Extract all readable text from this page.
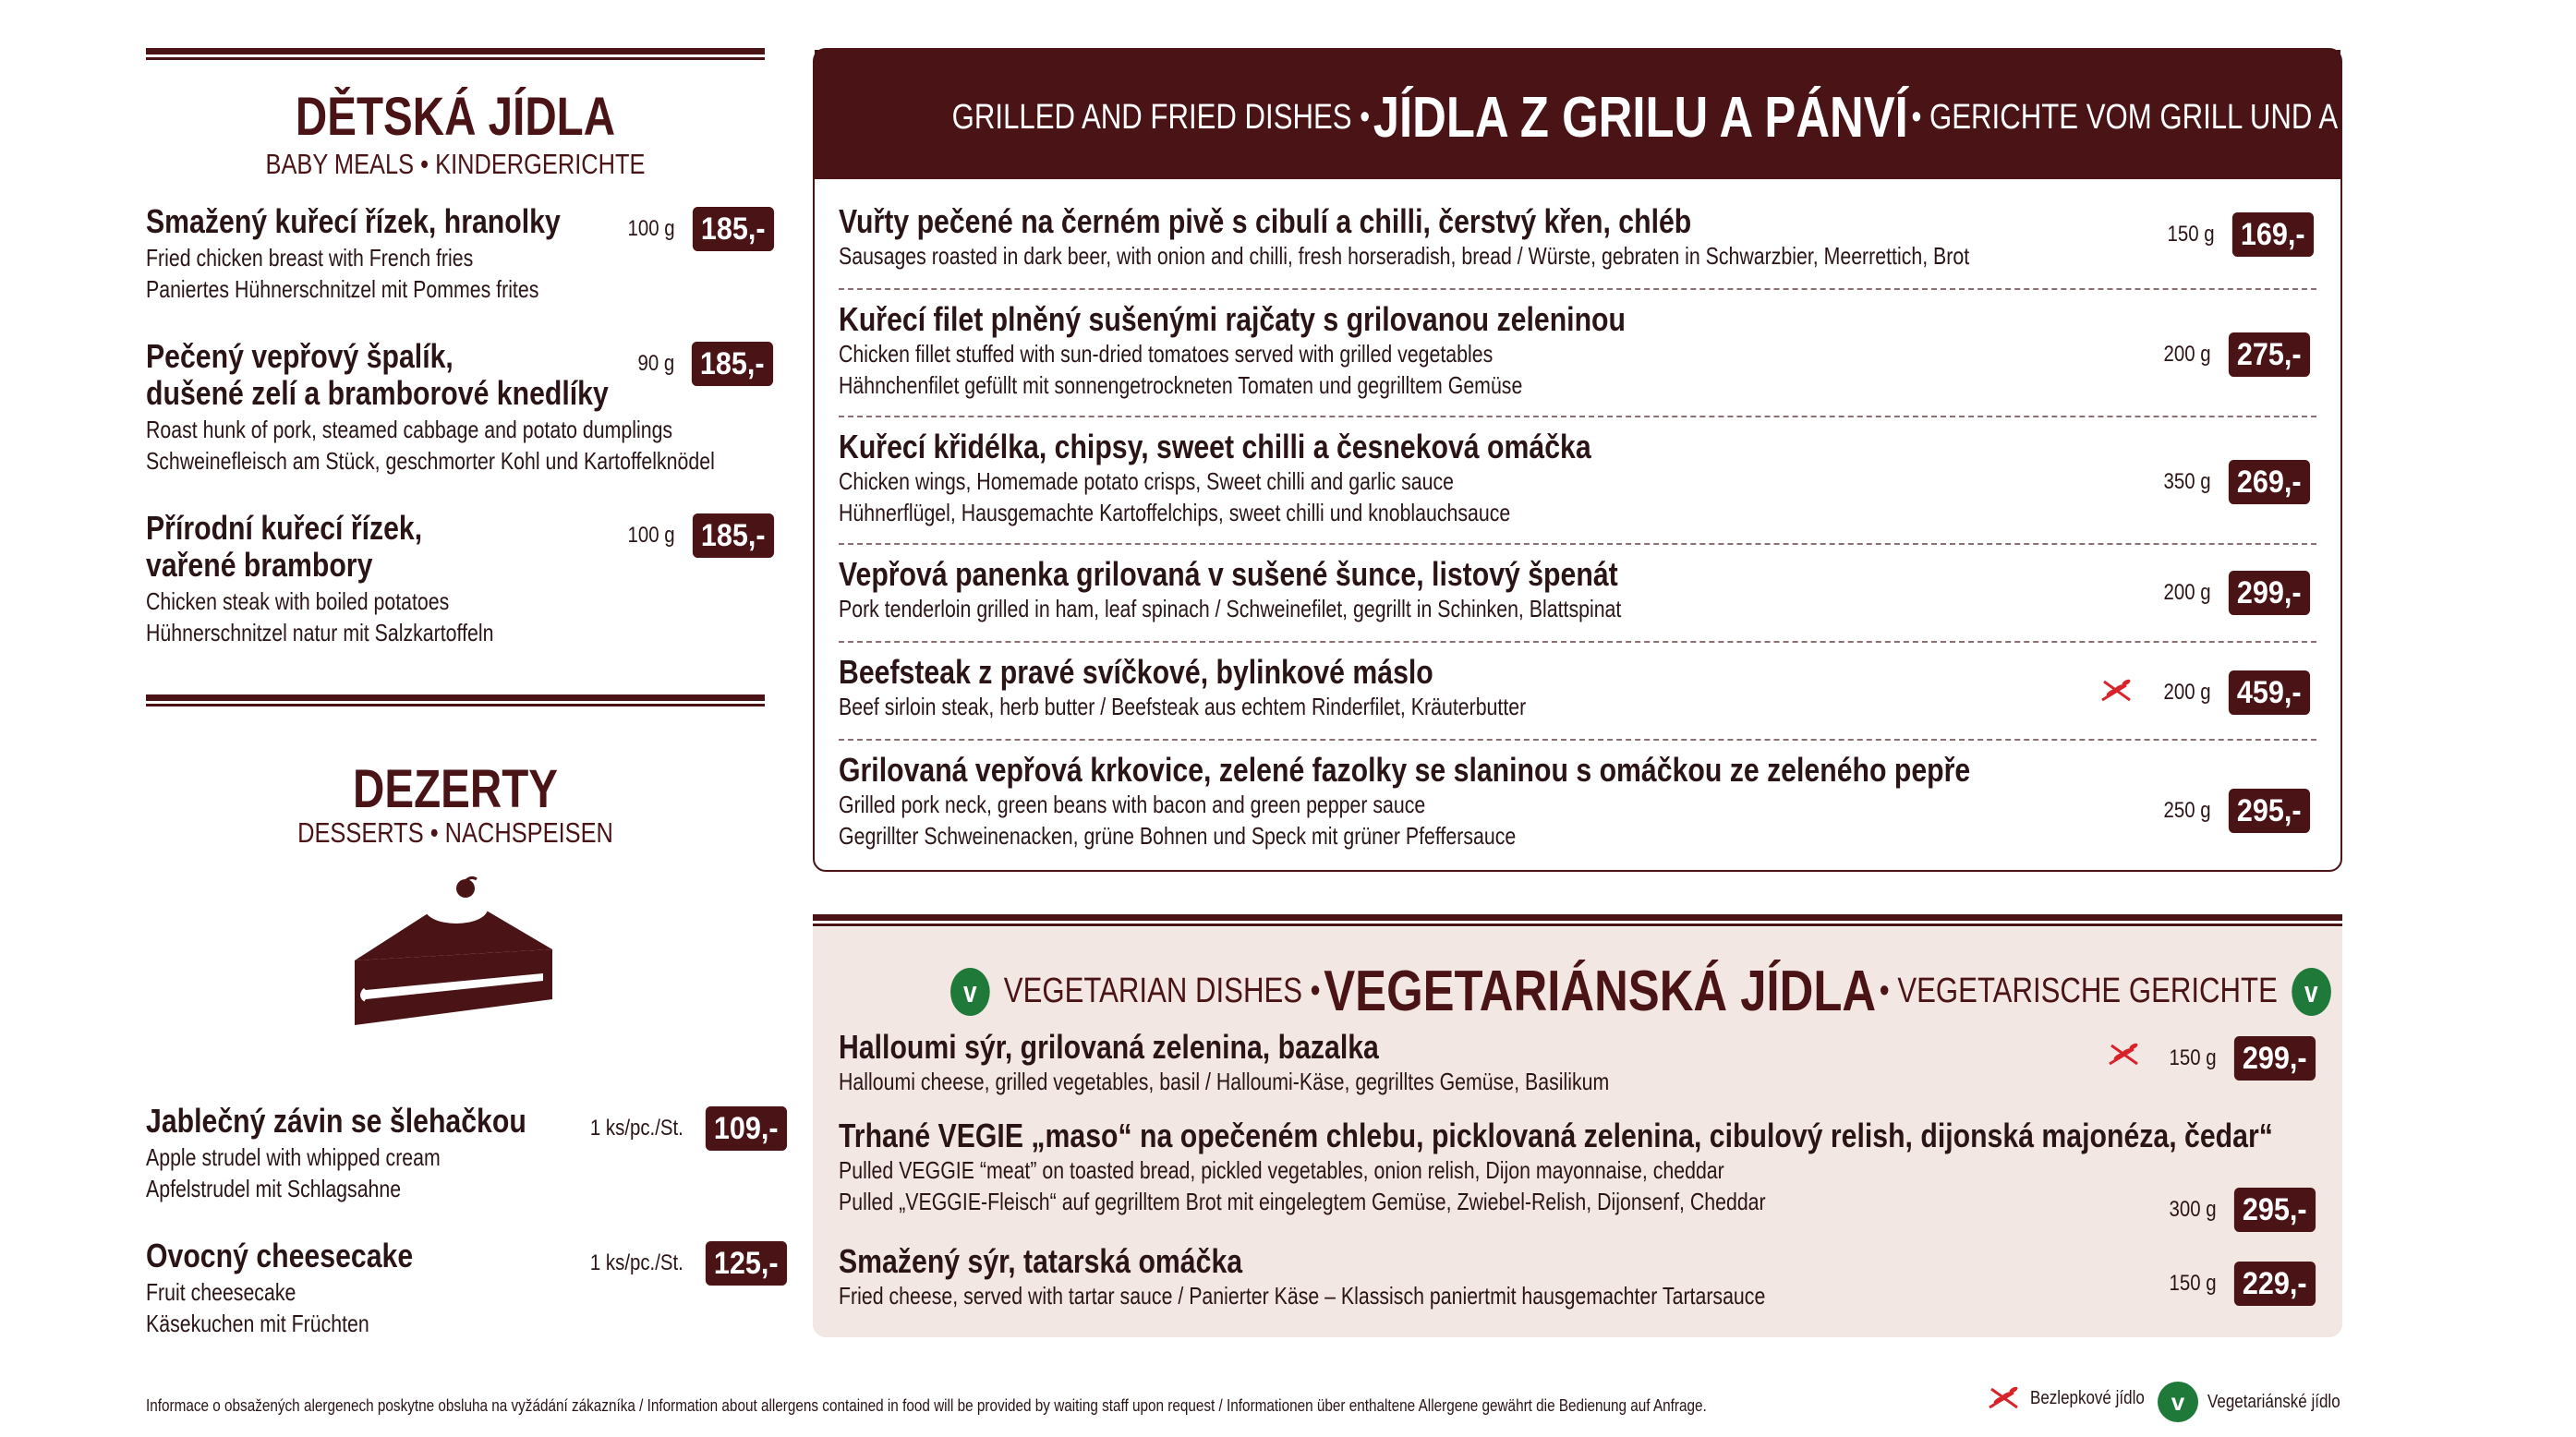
DĚTSKÁ JÍDLA
BABY MEALS • KINDERGERICHTE
Smažený kuřecí řízek, hranolky
Fried chicken breast with French fries
Paniertes Hühnerschnitzel mit Pommes frites
100 g 185,-
Pečený vepřový špalík,
dušené zelí a bramborové knedlíky
Roast hunk of pork, steamed cabbage and potato dumplings
Schweinefleisch am Stück, geschmorter Kohl und Kartoffelknödel
90 g 185,-
Přírodní kuřecí řízek,
vařené brambory
Chicken steak with boiled potatoes
Hühnerschnitzel natur mit Salzkartoffeln
100 g 185,-
DEZERTY
DESSERTS • NACHSPEISEN
Jablečný závin se šlehačkou
Apple strudel with whipped cream
Apfelstrudel mit Schlagsahne
1 ks/pc./St. 109,-
Ovocný cheesecake
Fruit cheesecake
Käsekuchen mit Früchten
1 ks/pc./St. 125,-
GRILLED AND FRIED DISHES • JÍDLA Z GRILU A PÁNVÍ • GERICHTE VOM GRILL UND A US DER PFANNE
Vuřty pečené na černém pivě s cibulí a chilli, čerstvý křen, chléb
Sausages roasted in dark beer, with onion and chilli, fresh horseradish, bread / Würste, gebraten in Schwarzbier, Meerrettich, Brot
150 g 169,-
Kuřecí filet plněný sušenými rajčaty s grilovanou zeleninou
Chicken fillet stuffed with sun-dried tomatoes served with grilled vegetables
Hähnchenfilet gefüllt mit sonnengetrockneten Tomaten und gegrilltem Gemüse
200 g 275,-
Kuřecí křidélka, chipsy, sweet chilli a česneková omáčka
Chicken wings, Homemade potato crisps, Sweet chilli and garlic sauce
Hühnerflügel, Hausgemachte Kartoffelchips, sweet chilli und knoblauchsauce
350 g 269,-
Vepřová panenka grilovaná v sušené šunce, listový špenát
Pork tenderloin grilled in ham, leaf spinach / Schweinefilet, gegrillt in Schinken, Blattspinat
200 g 299,-
Beefsteak z pravé svíčkové, bylinkové máslo
Beef sirloin steak, herb butter / Beefsteak aus echtem Rinderfilet, Kräuterbutter
200 g 459,-
Grilovaná vepřová krkovice, zelené fazolky se slaninou s omáčkou ze zeleného pepře
Grilled pork neck, green beans with bacon and green pepper sauce
Gegrillter Schweinenacken, grüne Bohnen und Speck mit grüner Pfeffersauce
250 g 295,-
v VEGETARIAN DISHES • VEGETARIÁNSKÁ JÍDLA • VEGETARISCHE GERICHTE v
Halloumi sýr, grilovaná zelenina, bazalka
Halloumi cheese, grilled vegetables, basil / Halloumi-Käse, gegrilltes Gemüse, Basilikum
150 g 299,-
Trhané VEGIE „maso“ na opečeném chlebu, picklovaná zelenina, cibulový relish, dijonská majonéza, čedar“
Pulled VEGGIE “meat” on toasted bread, pickled vegetables, onion relish, Dijon mayonnaise, cheddar
Pulled „VEGGIE-Fleisch“ auf gegrilltem Brot mit eingelegtem Gemüse, Zwiebel-Relish, Dijonsenf, Cheddar	300 g 295,-
Smažený sýr, tatarská omáčka
Fried cheese, served with tartar sauce / Panierter Käse – Klassisch paniertmit hausgemachter Tartarsauce	150 g 229,-
Informace o obsažených alergenech poskytne obsluha na vyžádání zákazníka / Information about allergens contained in food will be provided by waiting staff upon request / Informationen über enthaltene Allergene gewährt die Bedienung auf Anfrage.	Bezlepkové jídlo	v	Vegetariánské jídlo
